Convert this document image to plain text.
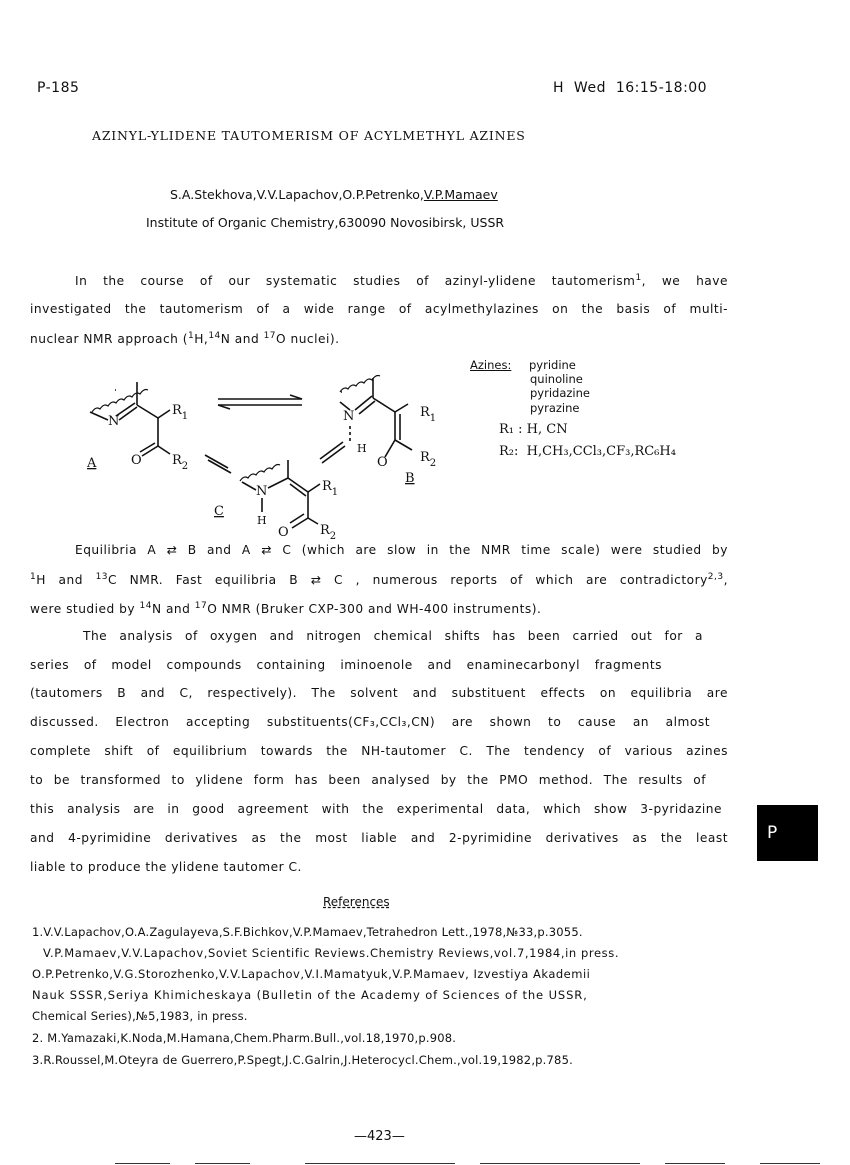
P-185	H  Wed  16:15-18:00
AZINYL-YLIDENE TAUTOMERISM OF ACYLMETHYL AZINES
S.A.Stekhova,V.V.Lapachov,O.P.Petrenko,V.P.Mamaev
Institute of Organic Chemistry,630090 Novosibirsk, USSR
In the course of our systematic studies of azinyl-ylidene tautomerism$^1$, we have
investigated the tautomerism of a wide range of acylmethylazines on the basis of multi-
nuclear NMR approach ($^1$H,$^{14}$N and $^{17}$O nuclei).
N
$R_1$
O $R_2$
A
N	$R_1$
H
O $R_2$
B
N	$R_1$
H
O $R_2$
C
Azines: pyridine
quinoline
pyridazine
pyrazine
R₁ : H, CN
R₂:  H,CH₃,CCl₃,CF₃,RC₆H₄
Equilibria A ⇄ B and A ⇄ C (which are slow in the NMR time scale) were studied by
$^1$H and $^{13}$C NMR. Fast equilibria B ⇄ C , numerous reports of which are contradictory$^{2,3}$,
were studied by $^{14}$N and $^{17}$O NMR (Bruker CXP-300 and WH-400 instruments).
The analysis of oxygen and nitrogen chemical shifts has been carried out for a
series of model compounds containing iminoenole and enaminecarbonyl fragments
(tautomers B and C, respectively). The solvent and substituent effects on equilibria are
discussed. Electron accepting substituents(CF₃,CCl₃,CN) are shown to cause an almost
complete shift of equilibrium towards the NH-tautomer C. The tendency of various azines
to be transformed to ylidene form has been analysed by the PMO method. The results of
this analysis are in good agreement with the experimental data, which show 3-pyridazine
and 4-pyrimidine derivatives as the most liable and 2-pyrimidine derivatives as the least
liable to produce the ylidene tautomer C.
References
1.V.V.Lapachov,O.A.Zagulayeva,S.F.Bichkov,V.P.Mamaev,Tetrahedron Lett.,1978,№33,p.3055.
V.P.Mamaev,V.V.Lapachov,Soviet Scientific Reviews.Chemistry Reviews,vol.7,1984,in press.
O.P.Petrenko,V.G.Storozhenko,V.V.Lapachov,V.I.Mamatyuk,V.P.Mamaev, Izvestiya Akademii
Nauk SSSR,Seriya Khimicheskaya (Bulletin of the Academy of Sciences of the USSR,
Chemical Series),№5,1983, in press.
2. M.Yamazaki,K.Noda,M.Hamana,Chem.Pharm.Bull.,vol.18,1970,p.908.
3.R.Roussel,M.Oteyra de Guerrero,P.Spegt,J.C.Galrin,J.Heterocycl.Chem.,vol.19,1982,p.785.
P
—423—
